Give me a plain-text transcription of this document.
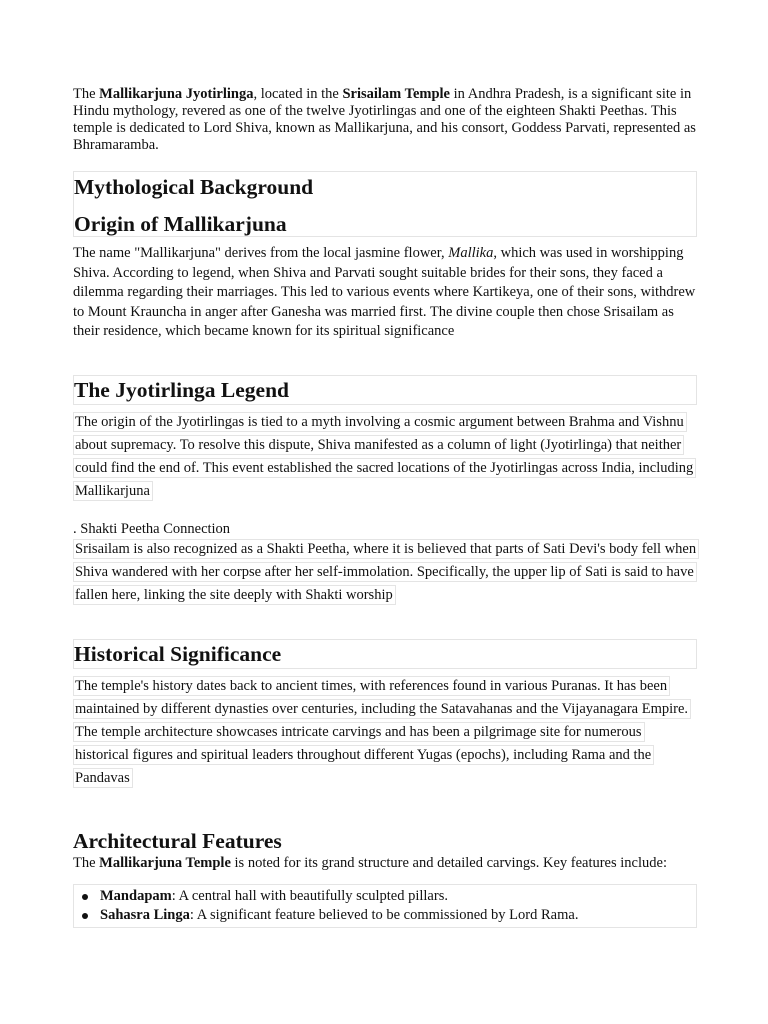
The Mallikarjuna Jyotirlinga, located in the Srisailam Temple in Andhra Pradesh, is a significant site in Hindu mythology, revered as one of the twelve Jyotirlingas and one of the eighteen Shakti Peethas. This temple is dedicated to Lord Shiva, known as Mallikarjuna, and his consort, Goddess Parvati, represented as Bhramaramba.

Mythological Background
Origin of Mallikarjuna

The name "Mallikarjuna" derives from the local jasmine flower, Mallika, which was used in worshipping Shiva. According to legend, when Shiva and Parvati sought suitable brides for their sons, they faced a dilemma regarding their marriages. This led to various events where Kartikeya, one of their sons, withdrew to Mount Krauncha in anger after Ganesha was married first. The divine couple then chose Srisailam as their residence, which became known for its spiritual significance

The Jyotirlinga Legend

The origin of the Jyotirlingas is tied to a myth involving a cosmic argument between Brahma and Vishnu about supremacy. To resolve this dispute, Shiva manifested as a column of light (Jyotirlinga) that neither could find the end of. This event established the sacred locations of the Jyotirlingas across India, including Mallikarjuna

. Shakti Peetha Connection

Srisailam is also recognized as a Shakti Peetha, where it is believed that parts of Sati Devi's body fell when Shiva wandered with her corpse after her self-immolation. Specifically, the upper lip of Sati is said to have fallen here, linking the site deeply with Shakti worship

Historical Significance

The temple's history dates back to ancient times, with references found in various Puranas. It has been maintained by different dynasties over centuries, including the Satavahanas and the Vijayanagara Empire. The temple architecture showcases intricate carvings and has been a pilgrimage site for numerous historical figures and spiritual leaders throughout different Yugas (epochs), including Rama and the Pandavas

Architectural Features

The Mallikarjuna Temple is noted for its grand structure and detailed carvings. Key features include:

Mandapam: A central hall with beautifully sculpted pillars.
Sahasra Linga: A significant feature believed to be commissioned by Lord Rama.
